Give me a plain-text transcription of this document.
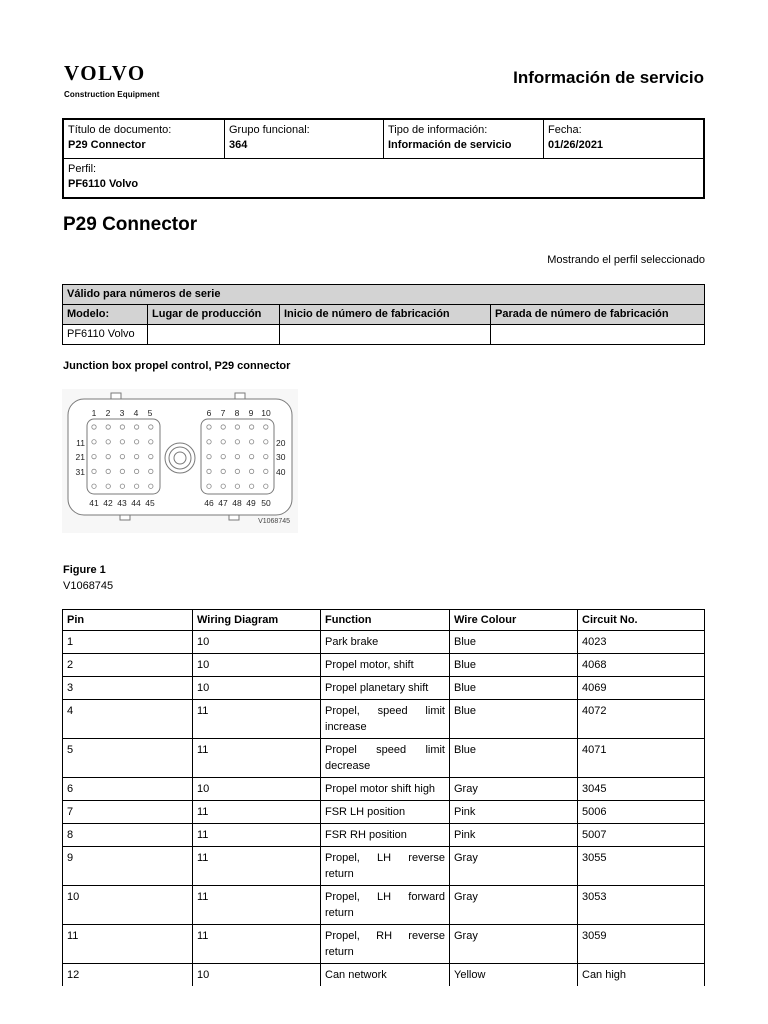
VOLVO
Construction Equipment
Información de servicio
Título de documento:
P29 Connector

Grupo funcional:
364

Tipo de información:
Información de servicio

Fecha:
01/26/2021

Perfil:
PF6110 Volvo
P29 Connector
Mostrando el perfil seleccionado
Válido para números de serie			
Modelo:	Lugar de producción	Inicio de número de fabricación	Parada de número de fabricación
PF6110 Volvo			
Junction box propel control, P29 connector
1 2 3 4 5	6 7 8 9 10
11
21
31
20
30
40
41 42 43 44 45	46 47 48 49 50
V1068745
Figure 1
V1068745
Pin	Wiring Diagram	Function	Wire Colour	Circuit No.
1	10	Park brake	Blue	4023
2	10	Propel motor, shift	Blue	4068
3	10	Propel planetary shift	Blue	4069
4	11	Propel, speed limit increase	Blue	4072
5	11	Propel speed limit decrease	Blue	4071
6	10	Propel motor shift high	Gray	3045
7	11	FSR LH position	Pink	5006
8	11	FSR RH position	Pink	5007
9	11	Propel, LH reverse return	Gray	3055
10	11	Propel, LH forward return	Gray	3053
11	11	Propel, RH reverse return	Gray	3059
12	10	Can network	Yellow	Can high
